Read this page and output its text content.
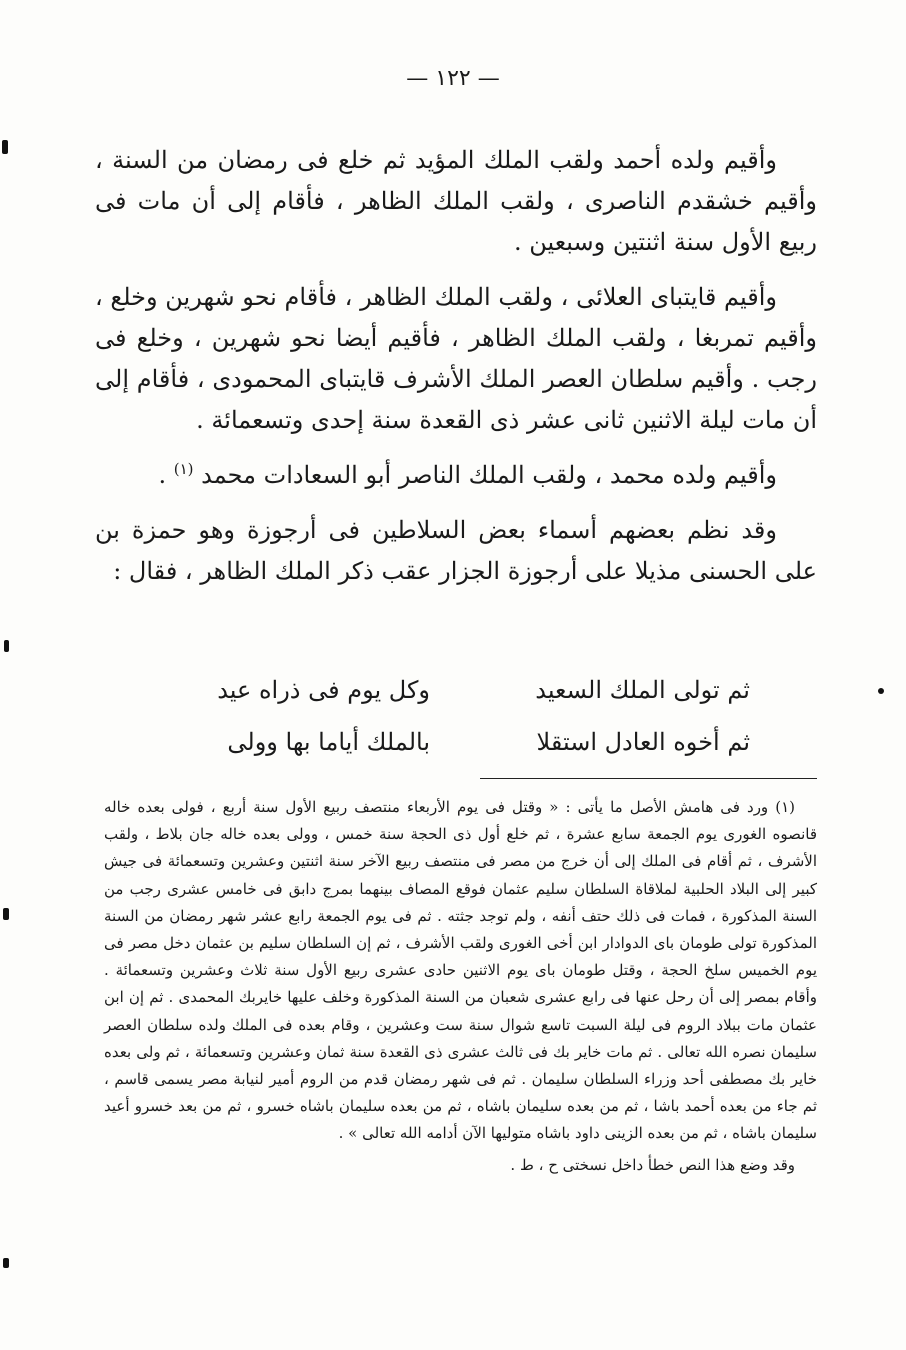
— ١٢٢ —

وأقيم ولده أحمد ولقب الملك المؤيد ثم خلع فى رمضان من السنة ، وأقيم خشقدم الناصرى ، ولقب الملك الظاهر ، فأقام إلى أن مات فى ربيع الأول سنة اثنتين وسبعين .

وأقيم قايتباى العلائى ، ولقب الملك الظاهر ، فأقام نحو شهرين وخلع ، وأقيم تمربغا ، ولقب الملك الظاهر ، فأقيم أيضا نحو شهرين ، وخلع فى رجب . وأقيم سلطان العصر الملك الأشرف قايتباى المحمودى ، فأقام إلى أن مات ليلة الاثنين ثانى عشر ذى القعدة سنة إحدى وتسعمائة .

وأقيم ولده محمد ، ولقب الملك الناصر أبو السعادات محمد $^{(١)}$ .

وقد نظم بعضهم أسماء بعض السلاطين فى أرجوزة وهو حمزة بن على الحسنى مذيلا على أرجوزة الجزار عقب ذكر الملك الظاهر ، فقال :

ثم تولى الملك السعيد
وكل يوم فى ذراه عيد
ثم أخوه العادل استقلا
بالملك أياما بها وولى

(١) ورد فى هامش الأصل ما يأتى : « وقتل فى يوم الأربعاء منتصف ربيع الأول سنة أربع ، فولى بعده خاله قانصوه الغورى يوم الجمعة سابع عشرة ، ثم خلع أول ذى الحجة سنة خمس ، وولى بعده خاله جان بلاط ، ولقب الأشرف ، ثم أقام فى الملك إلى أن خرج من مصر فى منتصف ربيع الآخر سنة اثنتين وعشرين وتسعمائة فى جيش كبير إلى البلاد الحلبية لملاقاة السلطان سليم عثمان فوقع المصاف بينهما بمرج دابق فى خامس عشرى رجب من السنة المذكورة ، فمات فى ذلك حتف أنفه ، ولم توجد جثته . ثم فى يوم الجمعة رابع عشر شهر رمضان من السنة المذكورة تولى طومان باى الدوادار ابن أخى الغورى ولقب الأشرف ، ثم إن السلطان سليم بن عثمان دخل مصر فى يوم الخميس سلخ الحجة ، وقتل طومان باى يوم الاثنين حادى عشرى ربيع الأول سنة ثلاث وعشرين وتسعمائة . وأقام بمصر إلى أن رحل عنها فى رابع عشرى شعبان من السنة المذكورة وخلف عليها خايربك المحمدى . ثم إن ابن عثمان مات ببلاد الروم فى ليلة السبت تاسع شوال سنة ست وعشرين ، وقام بعده فى الملك ولده سلطان العصر سليمان نصره الله تعالى . ثم مات خاير بك فى ثالث عشرى ذى القعدة سنة ثمان وعشرين وتسعمائة ، ثم ولى بعده خاير بك مصطفى أحد وزراء السلطان سليمان . ثم فى شهر رمضان قدم من الروم أمير لنيابة مصر يسمى قاسم ، ثم جاء من بعده أحمد باشا ، ثم من بعده سليمان باشاه ، ثم من بعده سليمان باشاه خسرو ، ثم من بعد خسرو أعيد سليمان باشاه ، ثم من بعده الزينى داود باشاه متوليها الآن أدامه الله تعالى » .

وقد وضع هذا النص خطأ داخل نسختى ح ، ط .
